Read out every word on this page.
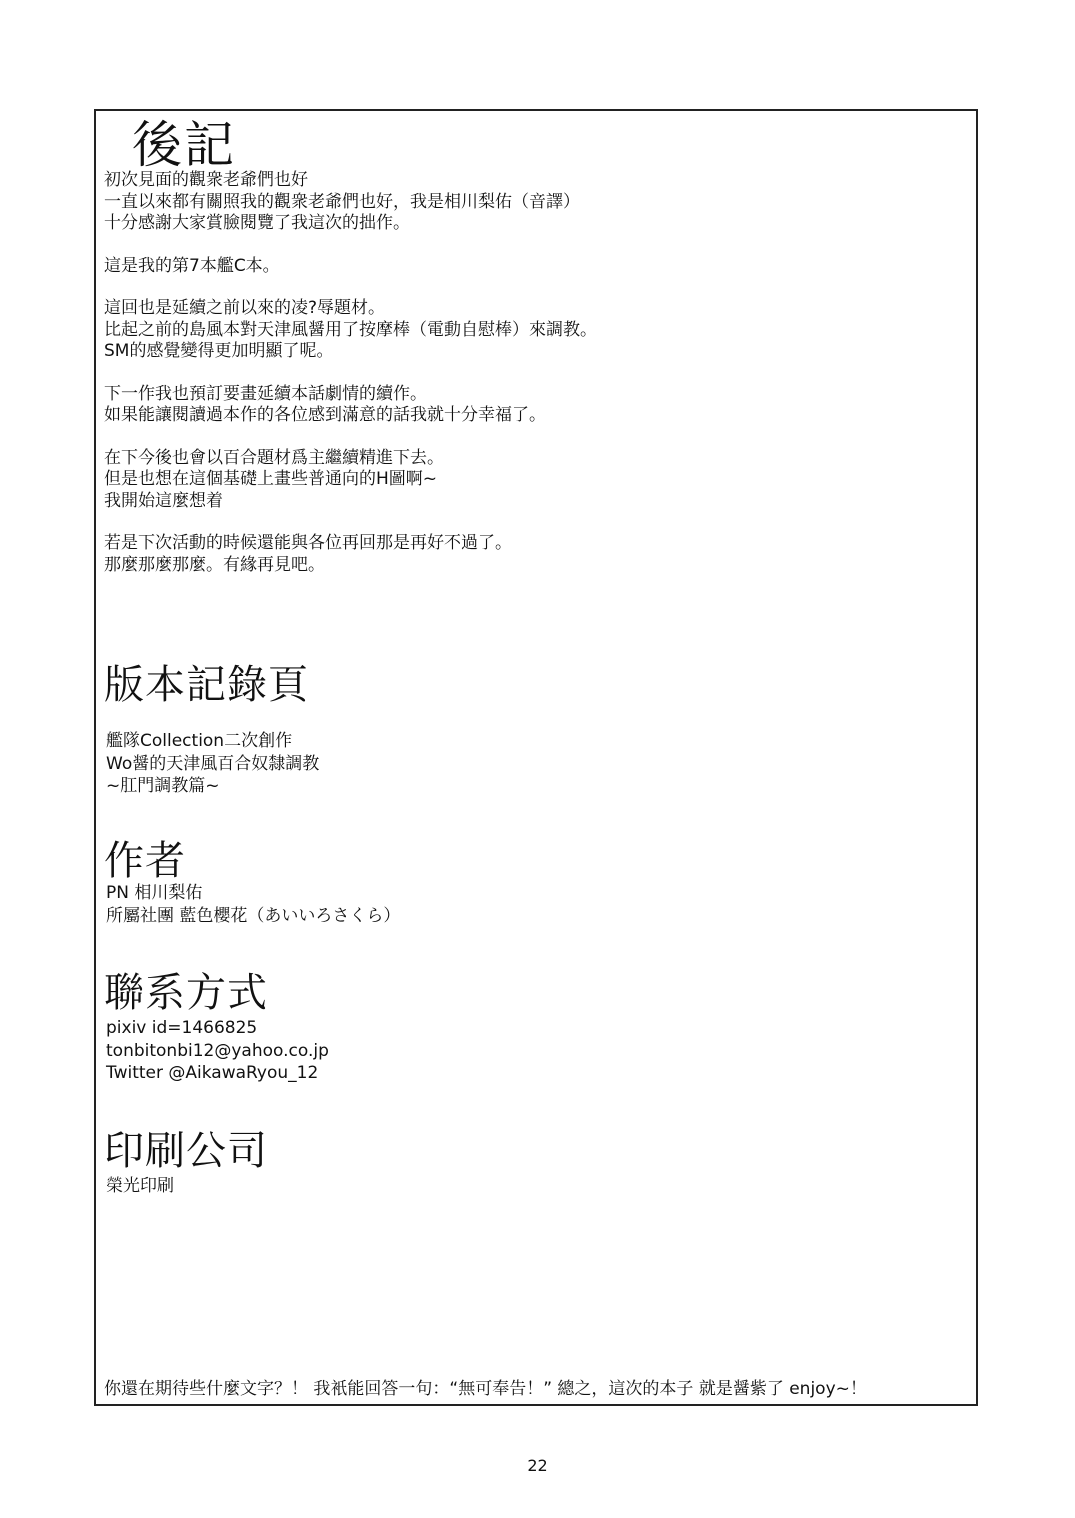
後記
初次見面的觀衆老爺們也好
一直以來都有關照我的觀衆老爺們也好，我是相川梨佑（音譯）
十分感謝大家賞臉閱覽了我這次的拙作。
這是我的第7本艦C本。
這回也是延續之前以來的凌?辱題材。
比起之前的島風本對天津風醤用了按摩棒（電動自慰棒）來調教。
SM的感覺變得更加明顯了呢。
下一作我也預訂要畫延續本話劇情的續作。
如果能讓閱讀過本作的各位感到滿意的話我就十分幸福了。
在下今後也會以百合題材爲主繼續精進下去。
但是也想在這個基礎上畫些普通向的H圖啊~
我開始這麼想着
若是下次活動的時候還能與各位再回那是再好不過了。
那麼那麼那麼。有緣再見吧。
版本記錄頁
艦隊Collection二次創作
Wo醤的天津風百合奴隸調教
~肛門調教篇~
作者
PN 相川梨佑
所屬社團 藍色櫻花（あいいろさくら）
聯系方式
pixiv id=1466825
tonbitonbi12@yahoo.co.jp
Twitter @AikawaRyou_12
印刷公司
榮光印刷
你還在期待些什麼文字？！ 我衹能回答一句：“無可奉告！” 總之，這次的本子 就是醤紫了 enjoy~！
22
